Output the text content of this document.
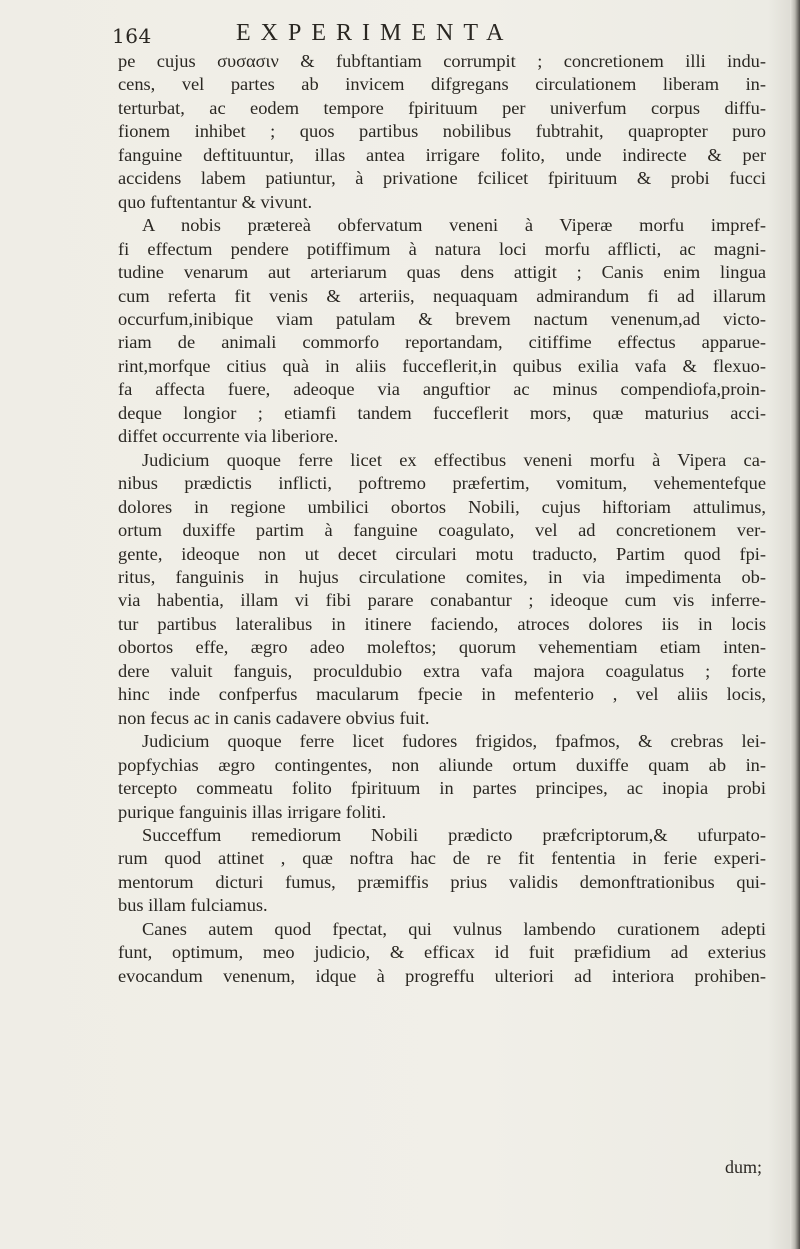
164	EXPERIMENTA
pe cujus συσασιν & fubftantiam corrumpit ; concretionem illi indu-
cens, vel partes ab invicem difgregans circulationem liberam in-
terturbat, ac eodem tempore fpirituum per univerfum corpus diffu-
fionem inhibet ; quos partibus nobilibus fubtrahit, quapropter puro
fanguine deftituuntur, illas antea irrigare folito, unde indirecte & per
accidens labem patiuntur, à privatione fcilicet fpirituum & probi fucci
quo fuftentantur & vivunt.
A nobis prætereà obfervatum veneni à Viperæ morfu impref-
fi effectum pendere potiffimum à natura loci morfu afflicti, ac magni-
tudine venarum aut arteriarum quas dens attigit ; Canis enim lingua
cum referta fit venis & arteriis, nequaquam admirandum fi ad illarum
occurfum,inibique viam patulam & brevem nactum venenum,ad victo-
riam de animali commorfo reportandam, citiffime effectus apparue-
rint,morfque citius quà in aliis fucceflerit,in quibus exilia vafa & flexuo-
fa affecta fuere, adeoque via anguftior ac minus compendiofa,proin-
deque longior ; etiamfi tandem fucceflerit mors, quæ maturius acci-
diffet occurrente via liberiore.
Judicium quoque ferre licet ex effectibus veneni morfu à Vipera ca-
nibus prædictis inflicti, poftremo præfertim, vomitum, vehementefque
dolores in regione umbilici obortos Nobili, cujus hiftoriam attulimus,
ortum duxiffe partim à fanguine coagulato, vel ad concretionem ver-
gente, ideoque non ut decet circulari motu traducto, Partim quod fpi-
ritus, fanguinis in hujus circulatione comites, in via impedimenta ob-
via habentia, illam vi fibi parare conabantur ; ideoque cum vis inferre-
tur partibus lateralibus in itinere faciendo, atroces dolores iis in locis
obortos effe, ægro adeo moleftos; quorum vehementiam etiam inten-
dere valuit fanguis, proculdubio extra vafa majora coagulatus ; forte
hinc inde confperfus macularum fpecie in mefenterio , vel aliis locis,
non fecus ac in canis cadavere obvius fuit.
Judicium quoque ferre licet fudores frigidos, fpafmos, & crebras lei-
popfychias ægro contingentes, non aliunde ortum duxiffe quam ab in-
tercepto commeatu folito fpirituum in partes principes, ac inopia probi
purique fanguinis illas irrigare foliti.
Succeffum remediorum Nobili prædicto præfcriptorum,& ufurpato-
rum quod attinet , quæ noftra hac de re fit fententia in ferie experi-
mentorum dicturi fumus, præmiffis prius validis demonftrationibus qui-
bus illam fulciamus.
Canes autem quod fpectat, qui vulnus lambendo curationem adepti
funt, optimum, meo judicio, & efficax id fuit præfidium ad exterius
evocandum venenum, idque à progreffu ulteriori ad interiora prohiben-
dum;
